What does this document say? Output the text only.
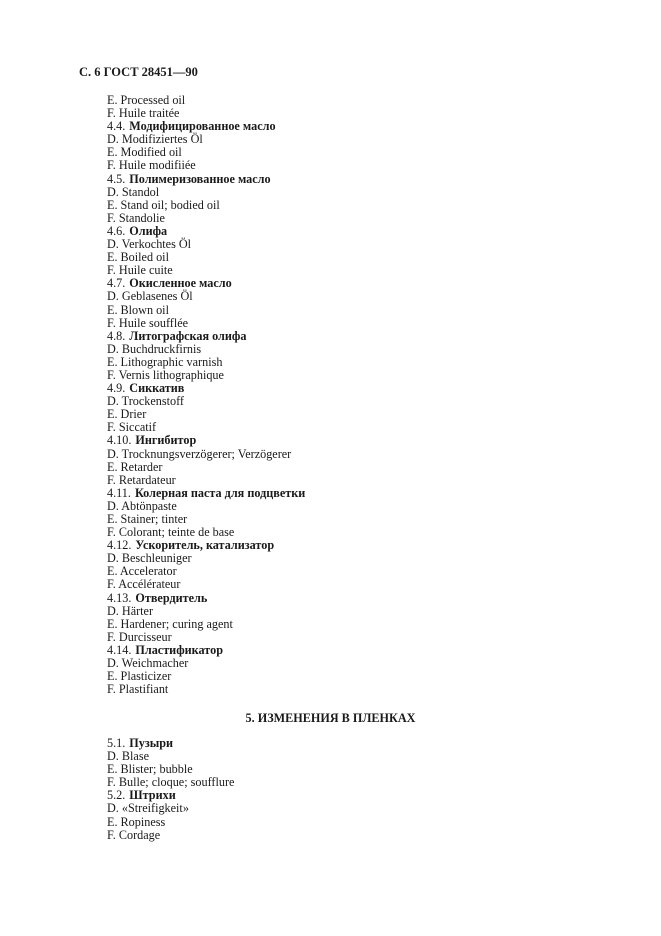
С. 6 ГОСТ 28451—90
E. Processed oil
F. Huile traitée
4.4. Модифицированное масло
D. Modifiziertes Öl
E. Modified oil
F. Huile modifiiée
4.5. Полимеризованное масло
D. Standol
E. Stand oil; bodied oil
F. Standolie
4.6. Олифа
D. Verkochtes Öl
E. Boiled oil
F. Huile cuite
4.7. Окисленное масло
D. Geblasenes Öl
E. Blown oil
F. Huile soufflée
4.8. Литографская олифа
D. Buchdruckfirnis
E. Lithographic varnish
F. Vernis lithographique
4.9. Сиккатив
D. Trockenstoff
E. Drier
F. Siccatif
4.10. Ингибитор
D. Trocknungsverzögerer; Verzögerer
E. Retarder
F. Retardateur
4.11. Колерная паста для подцветки
D. Abtönpaste
E. Stainer; tinter
F. Colorant; teinte de base
4.12. Ускоритель, катализатор
D. Beschleuniger
E. Accelerator
F. Accélérateur
4.13. Отвердитель
D. Härter
E. Hardener; curing agent
F. Durcisseur
4.14. Пластификатор
D. Weichmacher
E. Plasticizer
F. Plastifiant
5. ИЗМЕНЕНИЯ В ПЛЕНКАХ
5.1. Пузыри
D. Blase
E. Blister; bubble
F. Bulle; cloque; soufflure
5.2. Штрихи
D. «Streifigkeit»
E. Ropiness
F. Cordage
